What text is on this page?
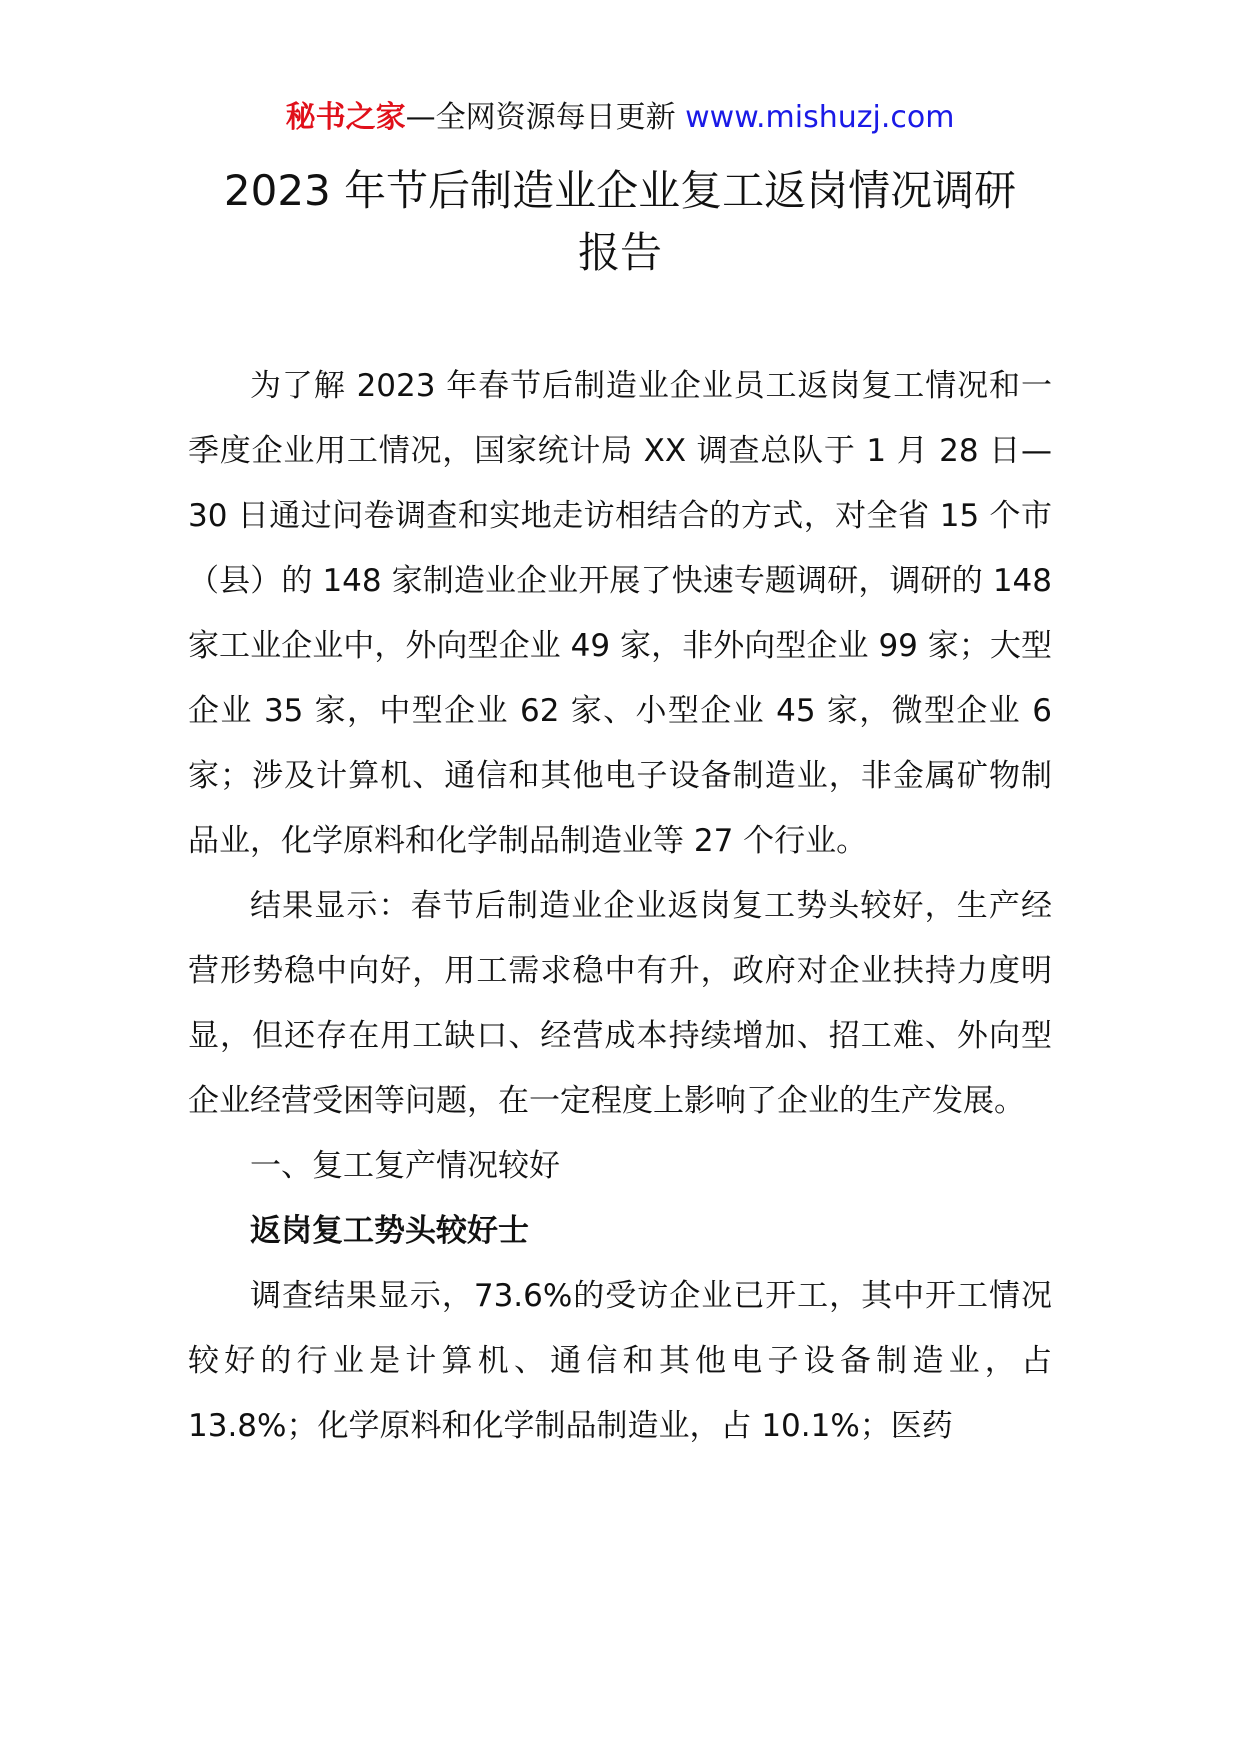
秘书之家—全网资源每日更新 www.mishuzj.com
2023 年节后制造业企业复工返岗情况调研
报告

为了解 2023 年春节后制造业企业员工返岗复工情况和一季度企业用工情况，国家统计局 XX 调查总队于 1 月 28 日—30 日通过问卷调查和实地走访相结合的方式，对全省 15 个市（县）的 148 家制造业企业开展了快速专题调研，调研的 148 家工业企业中，外向型企业 49 家，非外向型企业 99 家；大型企业 35 家，中型企业 62 家、小型企业 45 家，微型企业 6 家；涉及计算机、通信和其他电子设备制造业，非金属矿物制品业，化学原料和化学制品制造业等 27 个行业。

结果显示：春节后制造业企业返岗复工势头较好，生产经营形势稳中向好，用工需求稳中有升，政府对企业扶持力度明显，但还存在用工缺口、经营成本持续增加、招工难、外向型企业经营受困等问题，在一定程度上影响了企业的生产发展。

一、复工复产情况较好

返岗复工势头较好士

调查结果显示，73.6%的受访企业已开工，其中开工情况较好的行业是计算机、通信和其他电子设备制造业，占 13.8%；化学原料和化学制品制造业，占 10.1%；医药
